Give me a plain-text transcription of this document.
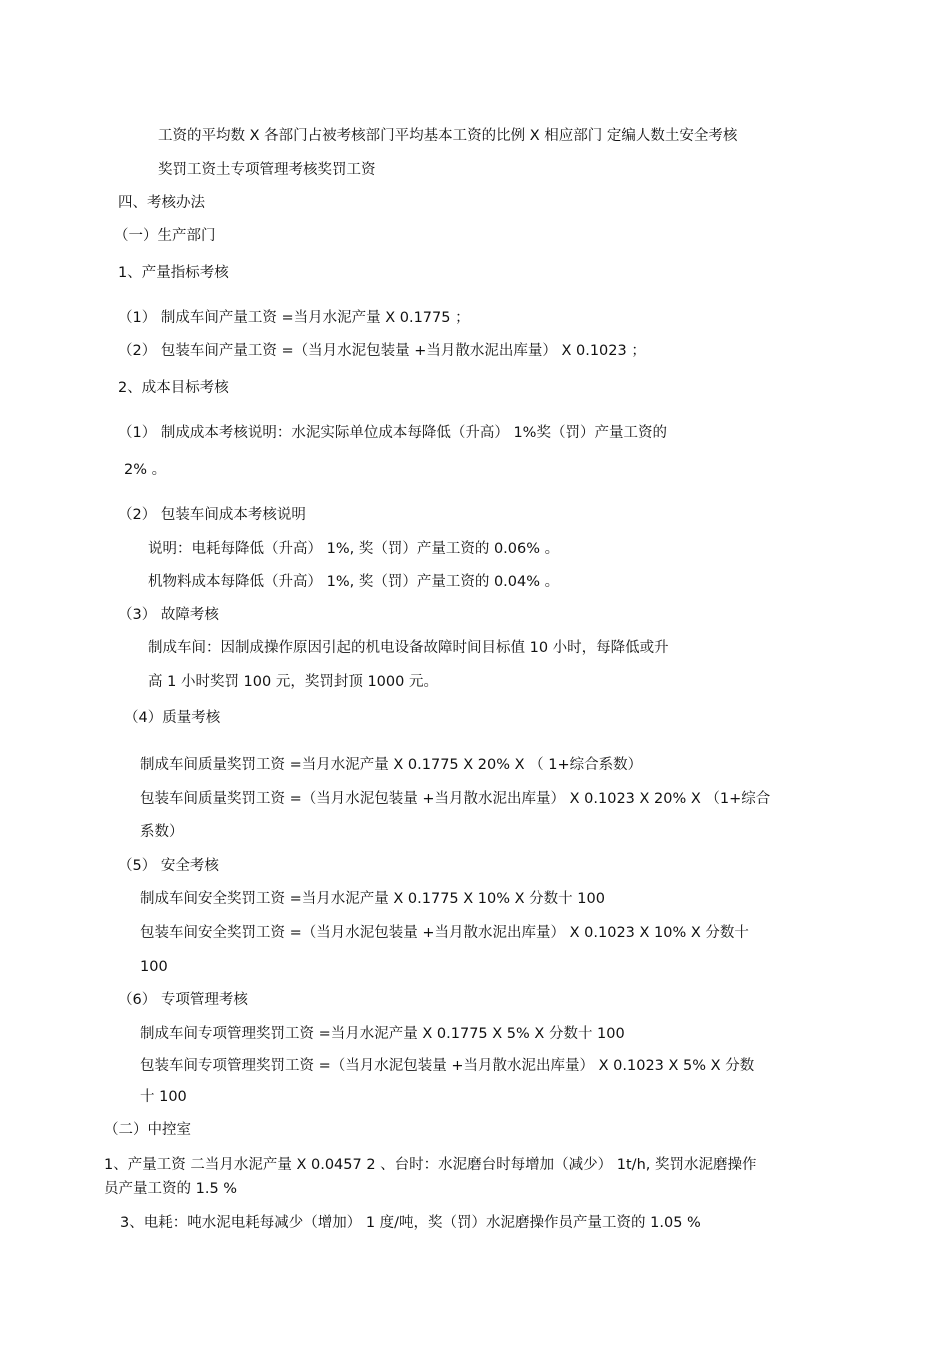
工资的平均数 X 各部门占被考核部门平均基本工资的比例 X 相应部门 定编人数土安全考核
奖罚工资土专项管理考核奖罚工资
四、考核办法
（一）生产部门
1、产量指标考核
（1） 制成车间产量工资 =当月水泥产量 X 0.1775 ；
（2） 包装车间产量工资 =（当月水泥包装量 +当月散水泥出库量） X 0.1023 ；
2、成本目标考核
（1） 制成成本考核说明：水泥实际单位成本每降低（升高） 1%奖（罚）产量工资的
2% 。
（2） 包装车间成本考核说明
说明：电耗每降低（升高） 1%, 奖（罚）产量工资的 0.06% 。
机物料成本每降低（升高） 1%, 奖（罚）产量工资的 0.04% 。
（3） 故障考核
制成车间：因制成操作原因引起的机电设备故障时间目标值 10 小时，每降低或升
高 1 小时奖罚 100 元，奖罚封顶 1000 元。
（4）质量考核
制成车间质量奖罚工资 =当月水泥产量 X 0.1775 X 20% X （ 1+综合系数）
包装车间质量奖罚工资 =（当月水泥包装量 +当月散水泥出库量） X 0.1023 X 20% X （1+综合
系数）
（5） 安全考核
制成车间安全奖罚工资 =当月水泥产量 X 0.1775 X 10% X 分数十 100
包装车间安全奖罚工资 =（当月水泥包装量 +当月散水泥出库量） X 0.1023 X 10% X 分数十
100
（6） 专项管理考核
制成车间专项管理奖罚工资 =当月水泥产量 X 0.1775 X 5% X 分数十 100
包装车间专项管理奖罚工资 =（当月水泥包装量 +当月散水泥出库量） X 0.1023 X 5% X 分数
十 100
（二）中控室
1、产量工资 二当月水泥产量 X 0.0457 2 、台时：水泥磨台时每增加（减少） 1t/h, 奖罚水泥磨操作
员产量工资的 1.5 %
3、电耗：吨水泥电耗每减少（增加） 1 度/吨，奖（罚）水泥磨操作员产量工资的 1.05 %
